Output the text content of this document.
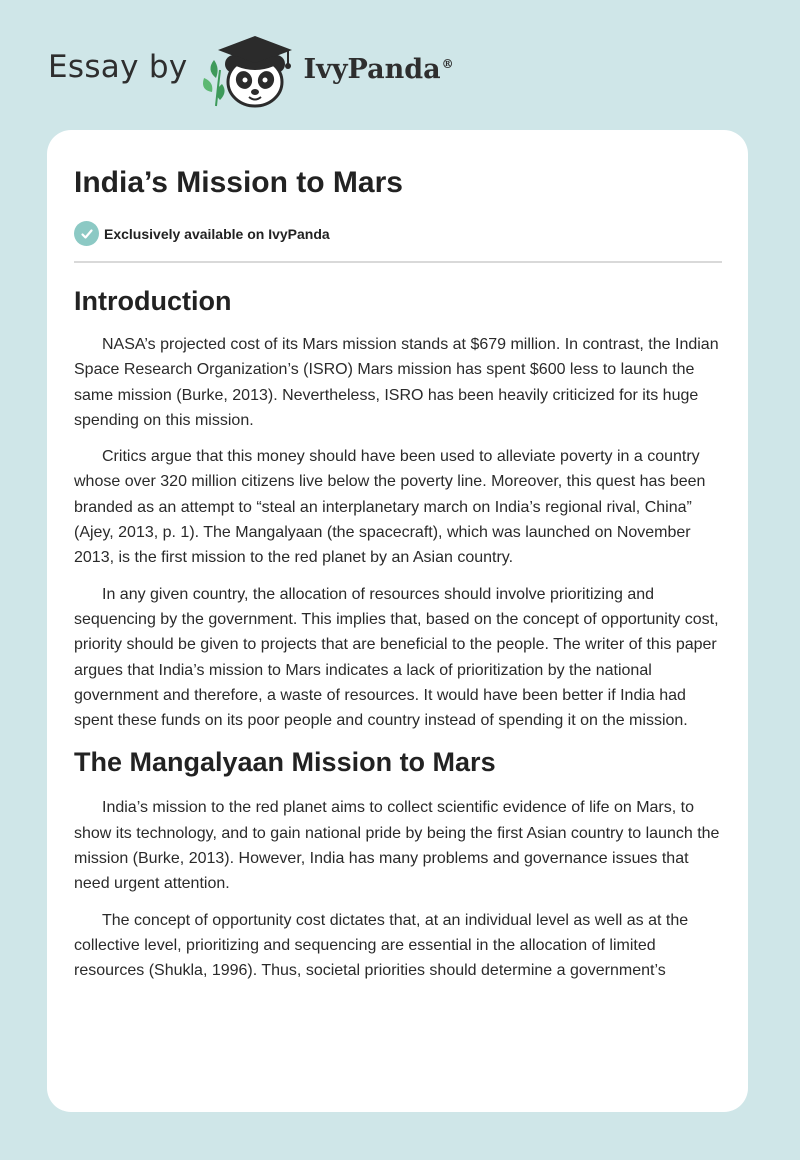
Essay by	IvyPanda®
India’s Mission to Mars
Exclusively available on IvyPanda
Introduction

NASA’s projected cost of its Mars mission stands at $679 million. In contrast, the Indian Space Research Organization’s (ISRO) Mars mission has spent $600 less to launch the same mission (Burke, 2013). Nevertheless, ISRO has been heavily criticized for its huge spending on this mission.

Critics argue that this money should have been used to alleviate poverty in a country whose over 320 million citizens live below the poverty line. Moreover, this quest has been branded as an attempt to “steal an interplanetary march on India’s regional rival, China” (Ajey, 2013, p. 1). The Mangalyaan (the spacecraft), which was launched on November 2013, is the first mission to the red planet by an Asian country.

In any given country, the allocation of resources should involve prioritizing and sequencing by the government. This implies that, based on the concept of opportunity cost, priority should be given to projects that are beneficial to the people. The writer of this paper argues that India’s mission to Mars indicates a lack of prioritization by the national government and therefore, a waste of resources. It would have been better if India had spent these funds on its poor people and country instead of spending it on the mission.

The Mangalyaan Mission to Mars

India’s mission to the red planet aims to collect scientific evidence of life on Mars, to show its technology, and to gain national pride by being the first Asian country to launch the mission (Burke, 2013). However, India has many problems and governance issues that need urgent attention.

The concept of opportunity cost dictates that, at an individual level as well as at the collective level, prioritizing and sequencing are essential in the allocation of limited resources (Shukla, 1996). Thus, societal priorities should determine a government’s
